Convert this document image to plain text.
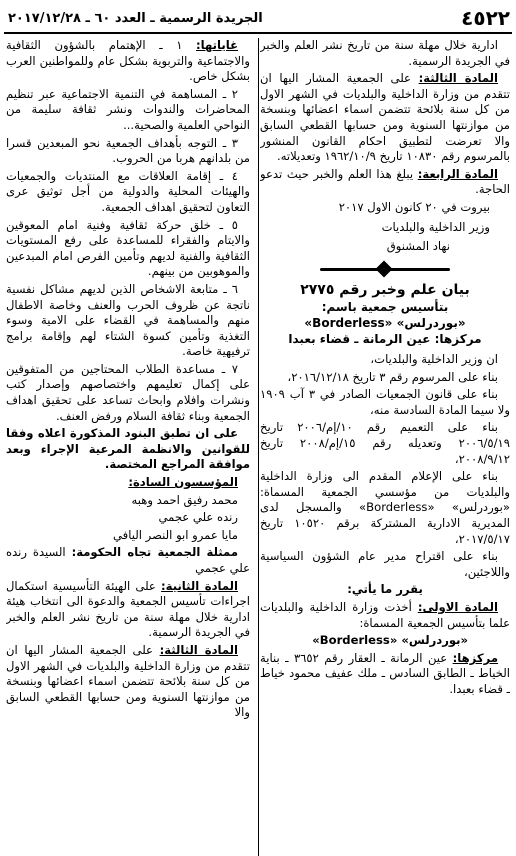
٤٥٢٢
الجريدة الرسمية ـ العدد ٦٠ ـ ٢٠١٧/١٢/٢٨

ادارية خلال مهلة سنة من تاريخ نشر العلم والخبر في الجريدة الرسمية.

المادة الثالثة: على الجمعية المشار اليها ان تتقدم من وزارة الداخلية والبلديات في الشهر الاول من كل سنة بلائحة تتضمن اسماء اعضائها وبنسخة من موازنتها السنوية ومن حسابها القطعي السابق والا تعرضت لتطبيق احكام القانون المنشور بالمرسوم رقم ١٠٨٣٠ تاريخ ١٩٦٢/١٠/٩ وتعديلاته.

المادة الرابعة: يبلغ هذا العلم والخبر حيث تدعو الحاجة.

بيروت في ٢٠ كانون الاول ٢٠١٧

وزير الداخلية والبلديات

نهاد المشنوق

بيان علم وخبر رقم ٢٧٧٥

بتأسيس جمعية باسم:

«بوردرلس» «Borderless»

مركزها: عين الرمانة ـ قضاء بعبدا

ان وزير الداخلية والبلديات،

بناء على المرسوم رقم ٣ تاريخ ٢٠١٦/١٢/١٨،

بناء على قانون الجمعيات الصادر في ٣ آب ١٩٠٩ ولا سيما المادة السادسة منه،

بناء على التعميم رقم ١٠/إم/٢٠٠٦ تاريخ ٢٠٠٦/٥/١٩ وتعديله رقم ١٥/إم/٢٠٠٨ تاريخ ٢٠٠٨/٩/١٢،

بناء على الإعلام المقدم الى وزارة الداخلية والبلديات من مؤسسي الجمعية المسماة: «بوردرلس» «Borderless» والمسجل لدى المديرية الادارية المشتركة برقم ١٠٥٢٠ تاريخ ٢٠١٧/٥/١٧،

بناء على اقتراح مدير عام الشؤون السياسية واللاجئين،

يقرر ما يأتي:

المادة الاولى: أخذت وزارة الداخلية والبلديات علما بتأسيس الجمعية المسماة:

«بوردرلس» «Borderless»

مركزها: عين الرمانة ـ العقار رقم ٣٦٥٢ ـ بناية الخياط ـ الطابق السادس ـ ملك عفيف محمود خياط ـ قضاء بعبدا.

غاياتها: ١ ـ الإهتمام بالشؤون الثقافية والاجتماعية والتربوية بشكل عام وللمواطنين العرب بشكل خاص.

٢ ـ المساهمة في التنمية الاجتماعية عبر تنظيم المحاضرات والندوات ونشر ثقافة سليمة من النواحي العلمية والصحية...

٣ ـ التوجه بأهداف الجمعية نحو المبعدين قسرا من بلدانهم هربا من الحروب.

٤ ـ إقامة العلاقات مع المنتديات والجمعيات والهيئات المحلية والدولية من أجل توثيق عرى التعاون لتحقيق اهداف الجمعية.

٥ ـ خلق حركة ثقافية وفنية امام المعوقين والايتام والفقراء للمساعدة على رفع المستويات الثقافية والفنية لديهم وتأمين الفرص امام المبدعين والموهوبين من بينهم.

٦ ـ متابعة الاشخاص الذين لديهم مشاكل نفسية ناتجة عن ظروف الحرب والعنف وخاصة الاطفال منهم والمساهمة في القضاء على الامية وسوء التغذية وتأمين كسوة الشتاء لهم وإقامة برامج ترفيهية خاصة.

٧ ـ مساعدة الطلاب المحتاجين من المتفوقين على إكمال تعليمهم واختصاصهم وإصدار كتب ونشرات وافلام وابحاث تساعد على تحقيق اهداف الجمعية وبناء ثقافة السلام ورفض العنف.

على ان تطبق البنود المذكورة اعلاه وفقا للقوانين والانظمة المرعية الإجراء وبعد موافقة المراجع المختصة.

المؤسسون السادة:

محمد رفيق احمد وهبه

رنده علي عجمي

مايا عمرو ابو النصر اليافي

ممثلة الجمعية تجاه الحكومة: السيدة رنده علي عجمي

المادة الثانية: على الهيئة التأسيسية استكمال اجراءات تأسيس الجمعية والدعوة الى انتخاب هيئة ادارية خلال مهلة سنة من تاريخ نشر العلم والخبر في الجريدة الرسمية.

المادة الثالثة: على الجمعية المشار اليها ان تتقدم من وزارة الداخلية والبلديات في الشهر الاول من كل سنة بلائحة تتضمن اسماء اعضائها وبنسخة من موازنتها السنوية ومن حسابها القطعي السابق والا
